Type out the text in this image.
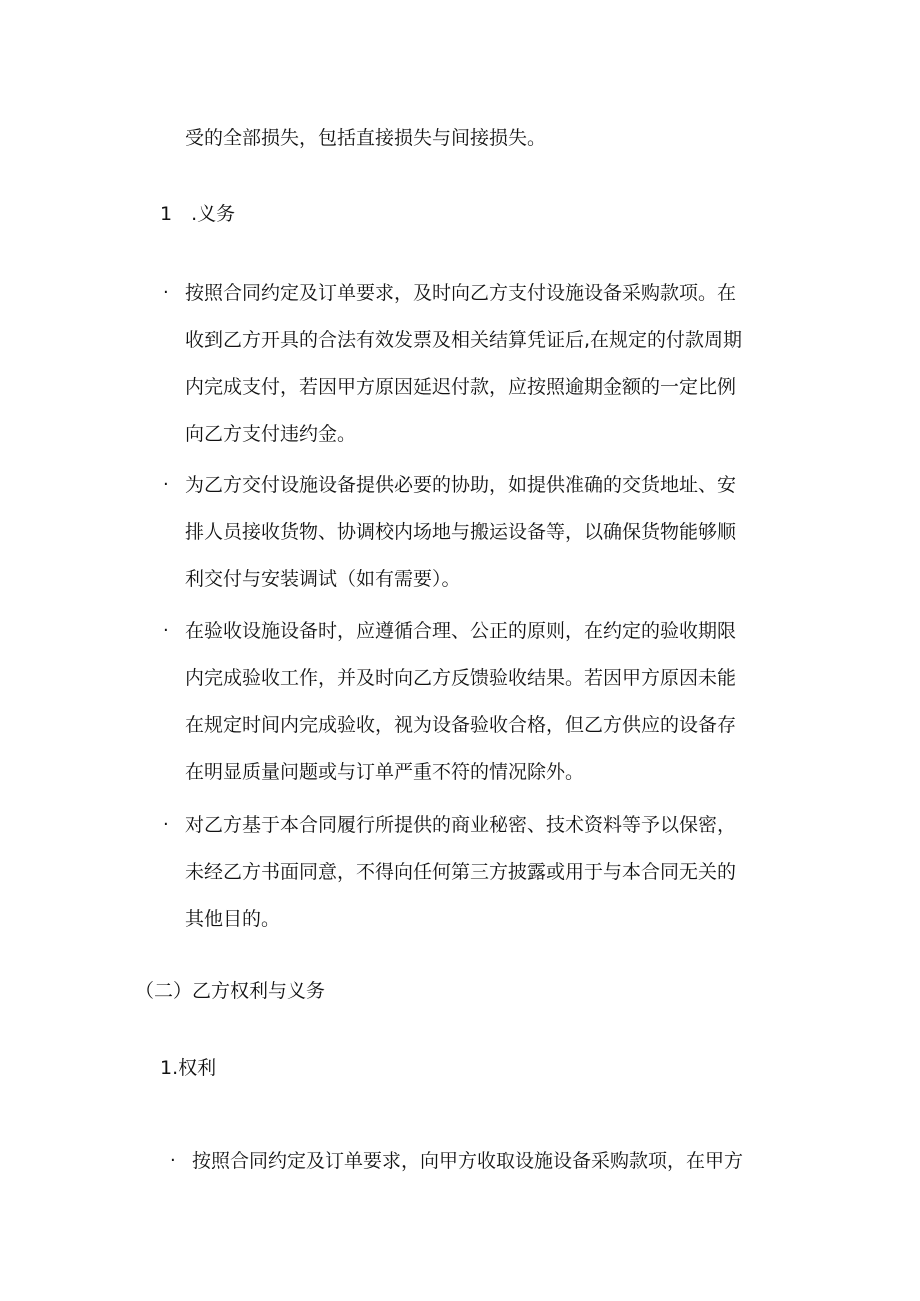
受的全部损失，包括直接损失与间接损失。
1 .义务
· 按照合同约定及订单要求，及时向乙方支付设施设备采购款项。在
收到乙方开具的合法有效发票及相关结算凭证后,在规定的付款周期
内完成支付，若因甲方原因延迟付款，应按照逾期金额的一定比例
向乙方支付违约金。
· 为乙方交付设施设备提供必要的协助，如提供准确的交货地址、安
排人员接收货物、协调校内场地与搬运设备等，以确保货物能够顺
利交付与安装调试（如有需要）。
· 在验收设施设备时，应遵循合理、公正的原则，在约定的验收期限
内完成验收工作，并及时向乙方反馈验收结果。若因甲方原因未能
在规定时间内完成验收，视为设备验收合格，但乙方供应的设备存
在明显质量问题或与订单严重不符的情况除外。
· 对乙方基于本合同履行所提供的商业秘密、技术资料等予以保密，
未经乙方书面同意，不得向任何第三方披露或用于与本合同无关的
其他目的。
（二）乙方权利与义务
1.权利
· 按照合同约定及订单要求，向甲方收取设施设备采购款项，在甲方
